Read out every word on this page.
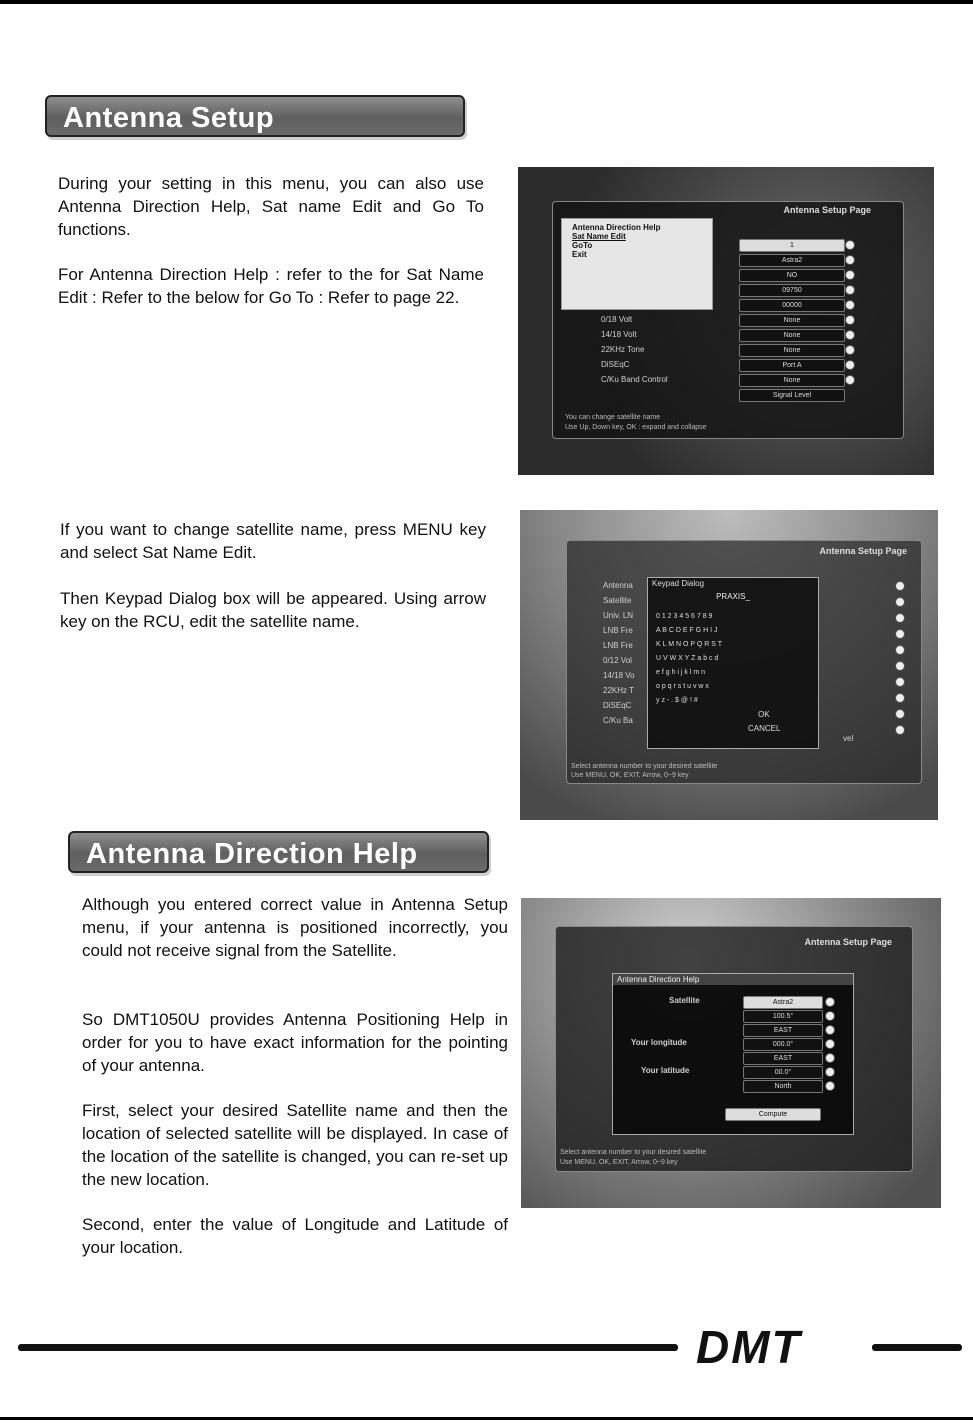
Antenna Setup

During your setting in this menu, you can also use Antenna Direction Help, Sat name Edit and Go To functions.

For Antenna Direction Help : refer to the for Sat Name Edit : Refer to the below for Go To : Refer to page 22.

If you want to change satellite name, press MENU key and select Sat Name Edit.

Then Keypad Dialog box will be appeared. Using arrow key on the RCU, edit the satellite name.

Antenna Setup Page
Antenna Direction Help
Sat Name Edit
GoTo
Exit
0/18 Volt
14/18 Volt
22KHz Tone
DiSEqC
C/Ku Band Control
1
Astra2
NO
09750
00000
None
None
None
Port A
None
Signal Level
You can change satellite name
Use Up, Down key, OK : expand and collapse
Antenna Setup Page
Antenna
Satellite
Univ. LN
LNB Fre
LNB Fre
0/12 Vol
14/18 Vo
22KHz T
DiSEqC
C/Ku Ba
vel
Keypad Dialog
PRAXIS_
0 1 2 3 4 5 6 7 8 9
A B C D E F G H I J
K L M N O P Q R S T
U V W X Y Z a b c d
e f g h i j k l m n
o p q r s t u v w x
y z - . $ @ ! #
OK
CANCEL
Select antenna number to your desired satellite
Use MENU, OK, EXIT, Arrow, 0~9 key
Antenna Direction Help

Although you entered correct value in Antenna Setup menu, if your antenna is positioned incorrectly, you could not receive signal from the Satellite.

So DMT1050U provides Antenna Positioning Help in order for you to have exact information for the pointing of your antenna.

First, select your desired Satellite name and then the location of selected satellite will be displayed. In case of the location of the satellite is changed, you can re-set up the new location.

Second, enter the value of Longitude and Latitude of your location.

Antenna Setup Page
Antenna Direction Help
Satellite
Your longitude
Your latitude
Astra2
100.5°
EAST
000.0°
EAST
00.0°
North
Compute
Select antenna number to your desired satellite
Use MENU, OK, EXIT, Arrow, 0~9 key
DMT
